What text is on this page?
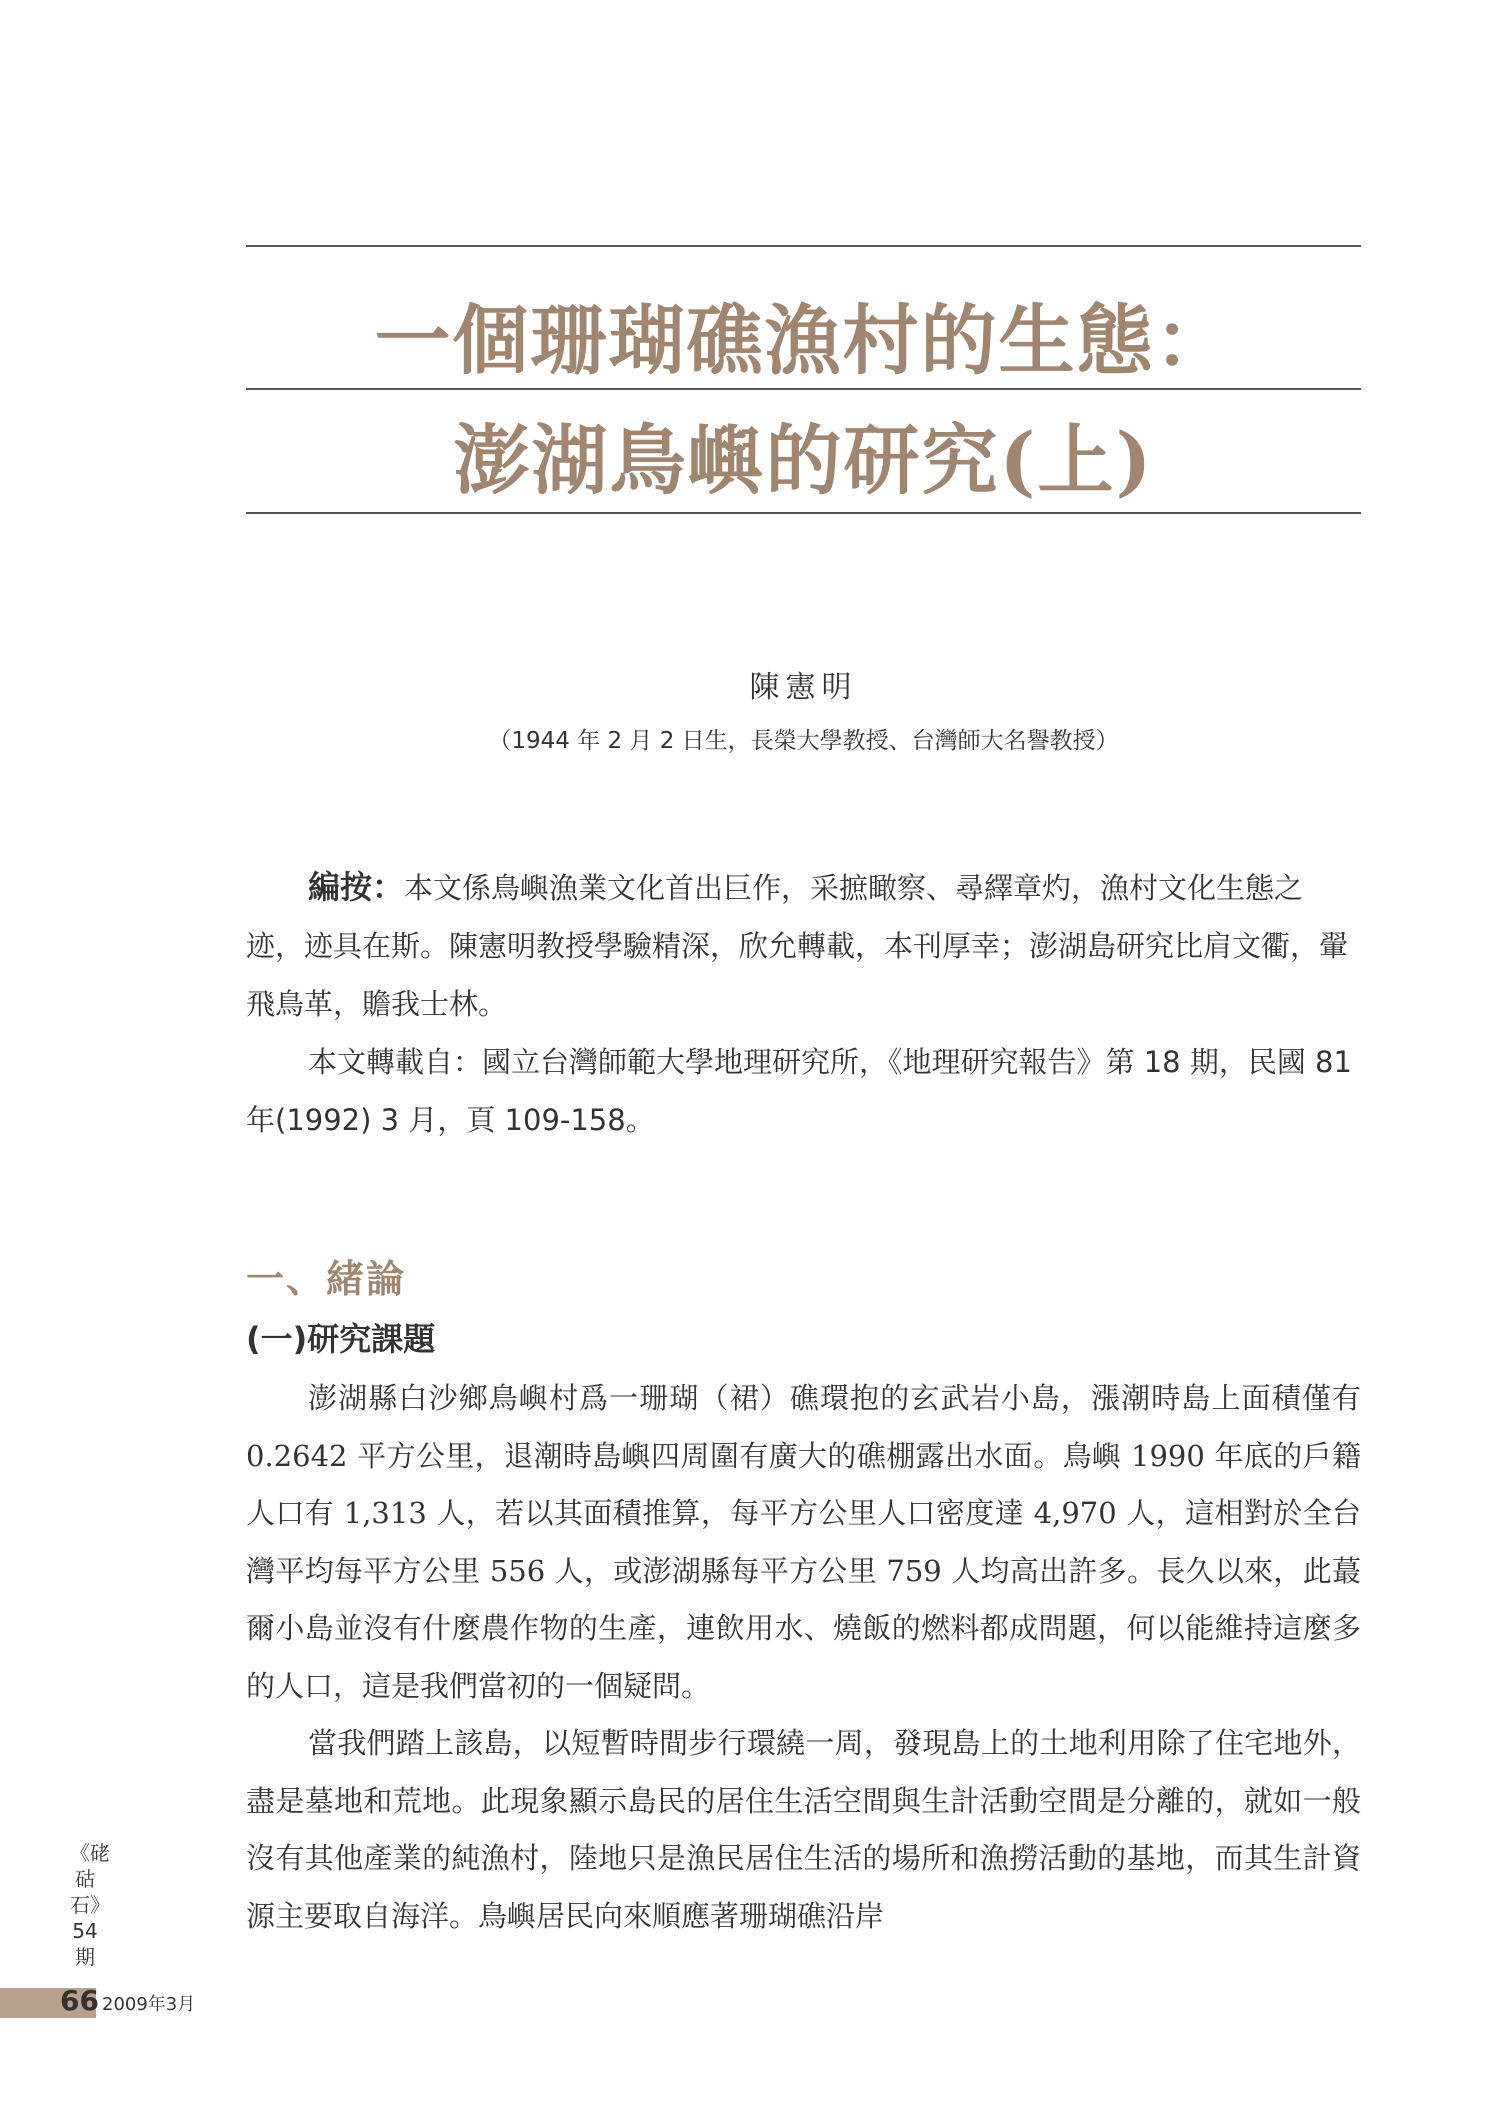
一個珊瑚礁漁村的生態：
澎湖鳥嶼的研究(上)
陳憲明
（1944 年 2 月 2 日生，長榮大學教授、台灣師大名譽教授）

編按：本文係鳥嶼漁業文化首出巨作，采摭瞰察、尋繹章灼，漁村文化生態之迹，迹具在斯。陳憲明教授學驗精深，欣允轉載，本刊厚幸；澎湖島研究比肩文衢，翬飛鳥革，贍我士林。

本文轉載自：國立台灣師範大學地理研究所，《地理研究報告》第 18 期，民國 81 年(1992) 3 月，頁 109-158。

一、緒論
(一)研究課題

澎湖縣白沙鄉鳥嶼村爲一珊瑚（裙）礁環抱的玄武岩小島，漲潮時島上面積僅有 0.2642 平方公里，退潮時島嶼四周圍有廣大的礁棚露出水面。鳥嶼 1990 年底的戶籍人口有 1,313 人，若以其面積推算，每平方公里人口密度達 4,970 人，這相對於全台灣平均每平方公里 556 人，或澎湖縣每平方公里 759 人均高出許多。長久以來，此蕞爾小島並沒有什麼農作物的生產，連飲用水、燒飯的燃料都成問題，何以能維持這麼多的人口，這是我們當初的一個疑問。

當我們踏上該島，以短暫時間步行環繞一周，發現島上的土地利用除了住宅地外，盡是墓地和荒地。此現象顯示島民的居住生活空間與生計活動空間是分離的，就如一般沒有其他產業的純漁村，陸地只是漁民居住生活的場所和漁撈活動的基地，而其生計資源主要取自海洋。鳥嶼居民向來順應著珊瑚礁沿岸

《硓𥑮石》54期
66 2009年3月
